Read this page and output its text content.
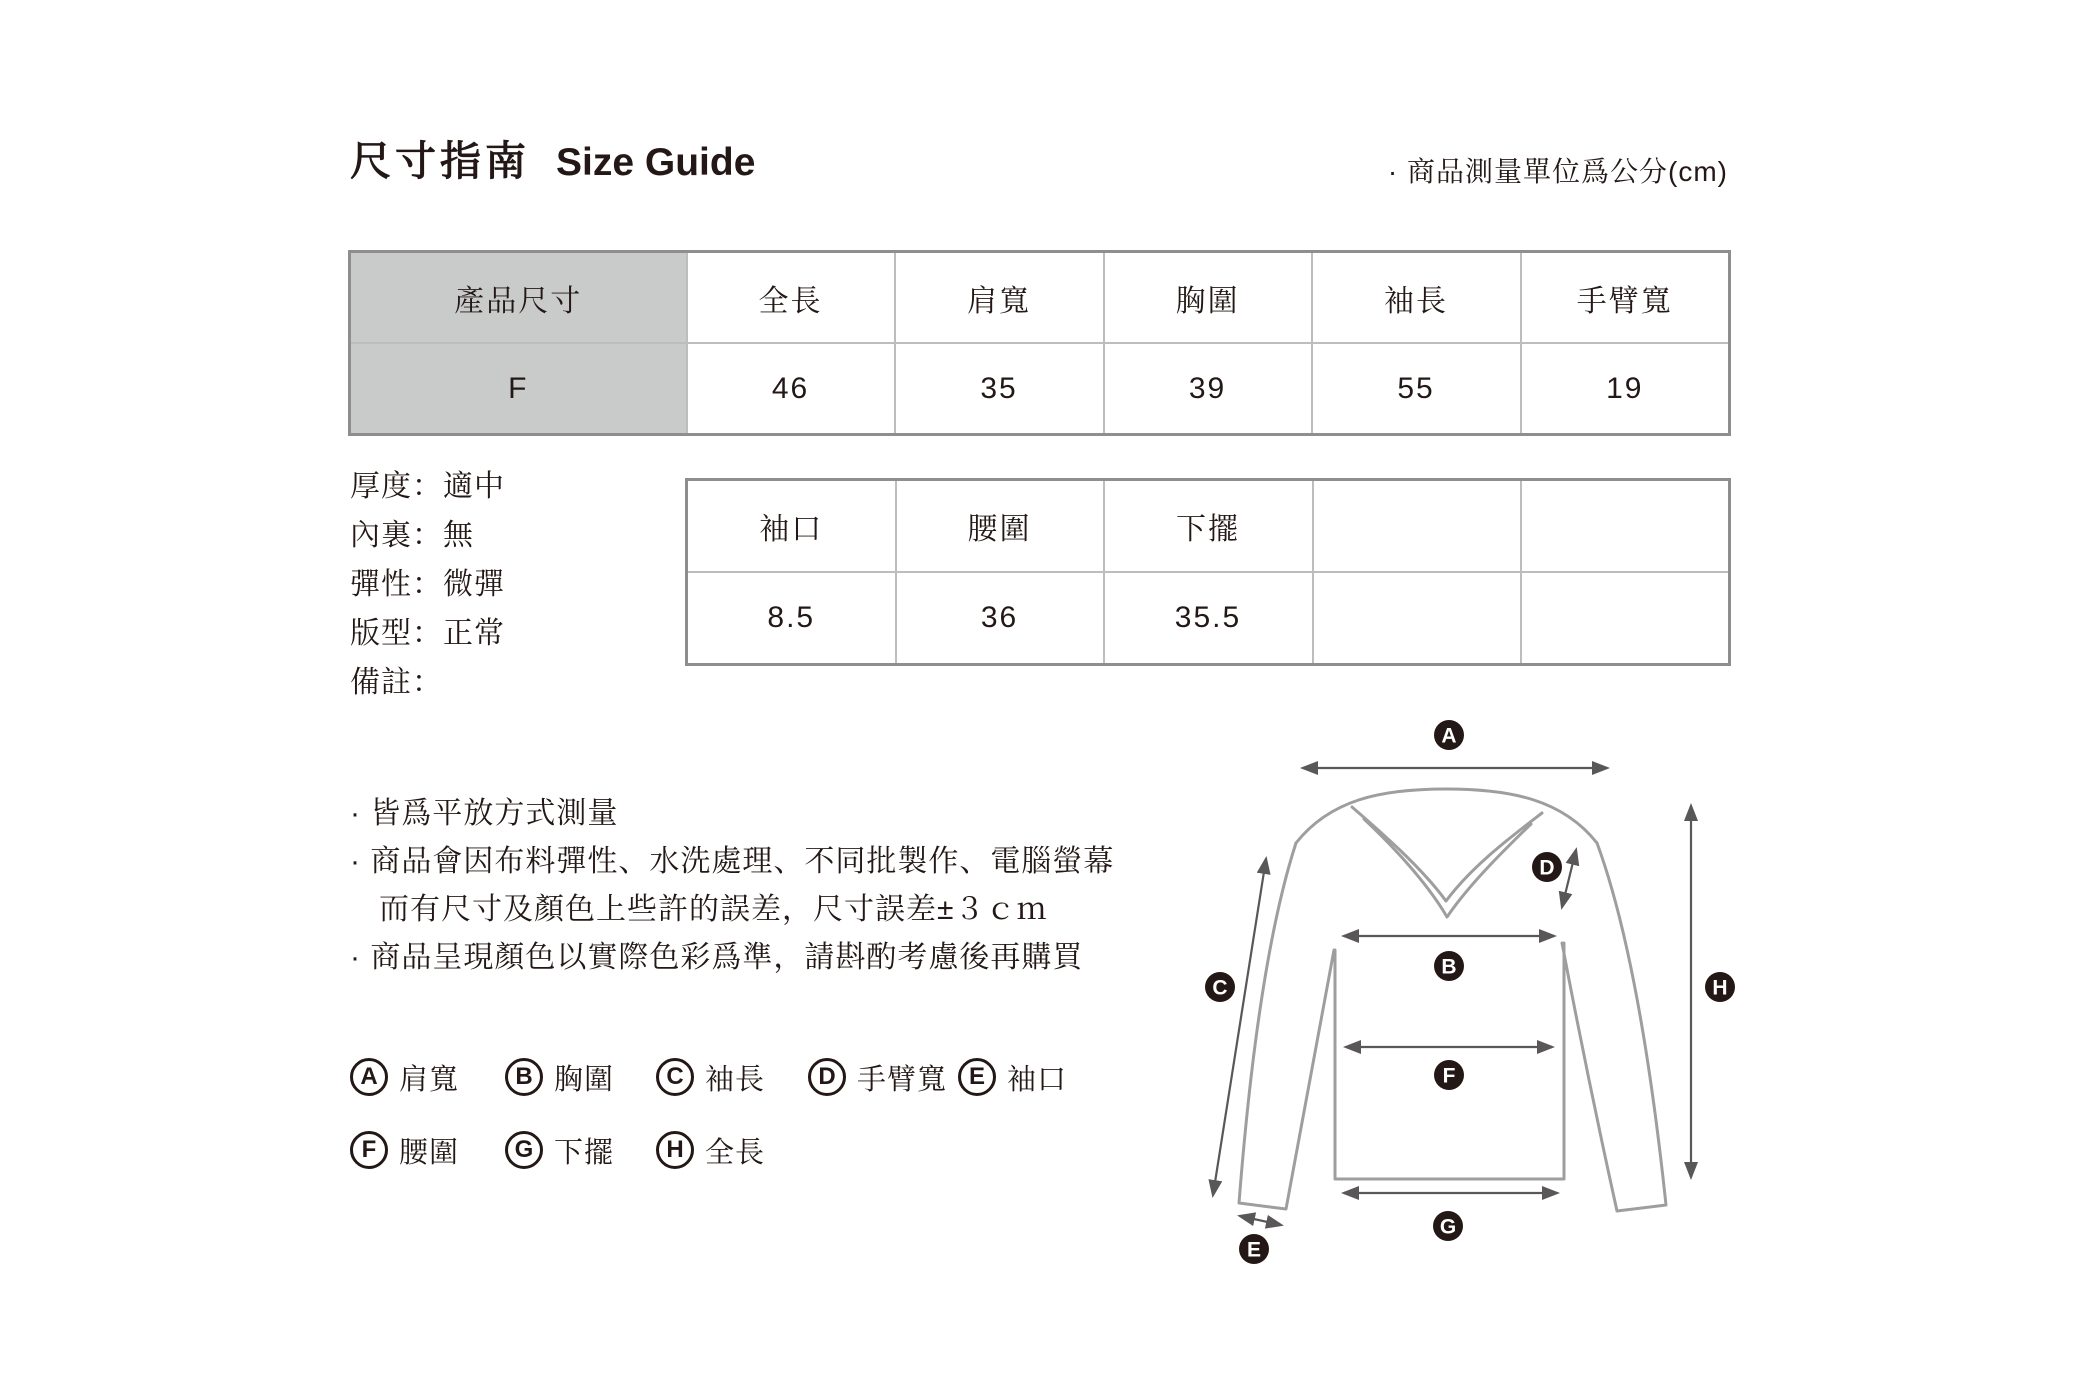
尺寸指南 Size Guide	· 商品測量單位爲公分(cm)
產品尺寸	全長	肩寬	胸圍	袖長	手臂寬
F	46	35	39	55	19
厚度：適中
內裏：無
彈性：微彈
版型：正常
備註：
袖口	腰圍	下擺		
8.5	36	35.5		
· 皆爲平放方式測量
· 商品會因布料彈性、水洗處理、不同批製作、電腦螢幕
而有尺寸及顏色上些許的誤差，尺寸誤差±３ｃｍ
· 商品呈現顏色以實際色彩爲準，請斟酌考慮後再購買
A 肩寬	B 胸圍	C 袖長	D 手臂寬 E 袖口
F 腰圍	G 下擺	H 全長
A
B
C
D
E
F
G
H
